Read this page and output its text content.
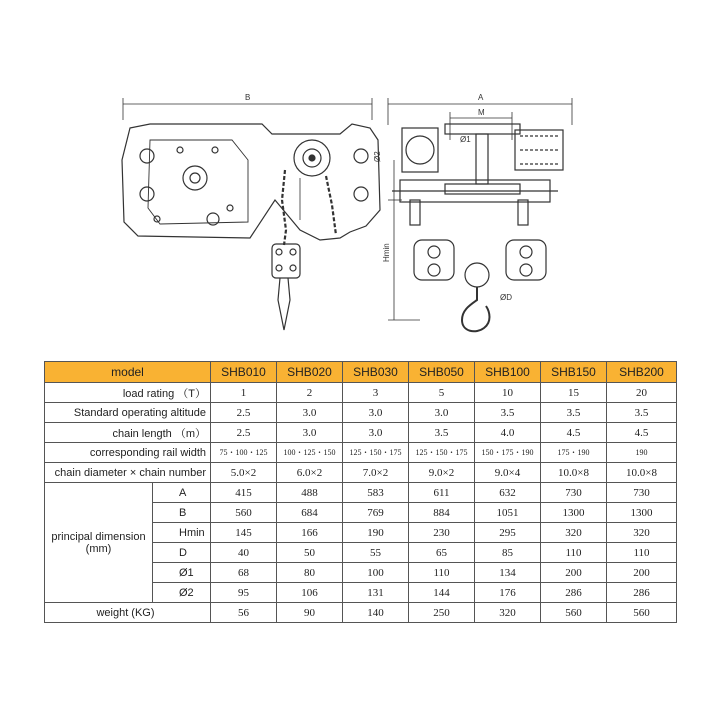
B	A
M
Ø2
Ø1
Hmin
ØD
model		SHB010	SHB020	SHB030	SHB050	SHB100	SHB150	SHB200
load rating （T）		1	2	3	5	10	15	20
Standard operating altitude		2.5	3.0	3.0	3.0	3.5	3.5	3.5
chain length （m）		2.5	3.0	3.0	3.5	4.0	4.5	4.5
corresponding rail width		75・100・125	100・125・150	125・150・175	125・150・175	150・175・190	175・190	190
chain diameter × chain number		5.0×2	6.0×2	7.0×2	9.0×2	9.0×4	10.0×8	10.0×8
principal dimension (mm)	A	415	488	583	611	632	730	730
	B	560	684	769	884	1051	1300	1300
	Hmin	145	166	190	230	295	320	320
	D	40	50	55	65	85	110	110
	Ø1	68	80	100	110	134	200	200
	Ø2	95	106	131	144	176	286	286
weight (KG)		56	90	140	250	320	560	560
